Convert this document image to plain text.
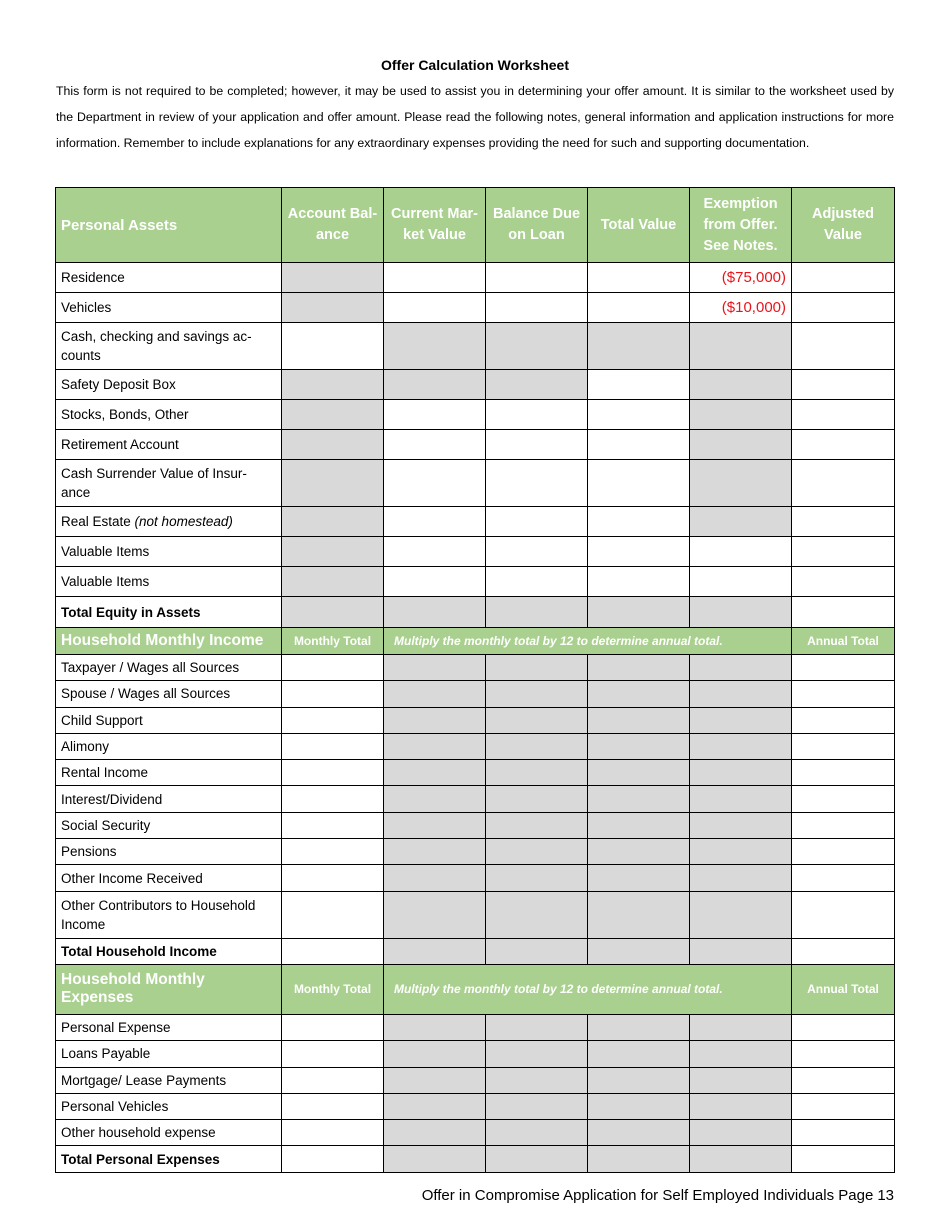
Offer Calculation Worksheet
This form is not required to be completed; however, it may be used to assist you in determining your offer amount. It is similar to the worksheet used by the Department in review of your application and offer amount. Please read the following notes, general information and application instructions for more information. Remember to include explanations for any extraordinary expenses providing the need for such and supporting documentation.
Personal Assets	Account Bal-ance	Current Mar-ket Value	Balance Due on Loan	Total Value	Exemption from Offer. See Notes.	Adjusted Value
Residence					($75,000)	
Vehicles					($10,000)	
Cash, checking and savings ac-counts						
Safety Deposit Box						
Stocks, Bonds, Other						
Retirement Account						
Cash Surrender Value of Insur-ance						
Real Estate (not homestead)						
Valuable Items						
Valuable Items						
Total Equity in Assets						
Household Monthly Income	Monthly Total	Multiply the monthly total by 12 to determine annual total.				Annual Total
Taxpayer / Wages all Sources						
Spouse / Wages all Sources						
Child Support						
Alimony						
Rental Income						
Interest/Dividend						
Social Security						
Pensions						
Other Income Received						
Other Contributors to Household Income						
Total Household Income						
Household Monthly Expenses	Monthly Total	Multiply the monthly total by 12 to determine annual total.				Annual Total
Personal Expense						
Loans Payable						
Mortgage/ Lease Payments						
Personal Vehicles						
Other household expense						
Total Personal Expenses						
Offer in Compromise Application for Self Employed Individuals Page 13
